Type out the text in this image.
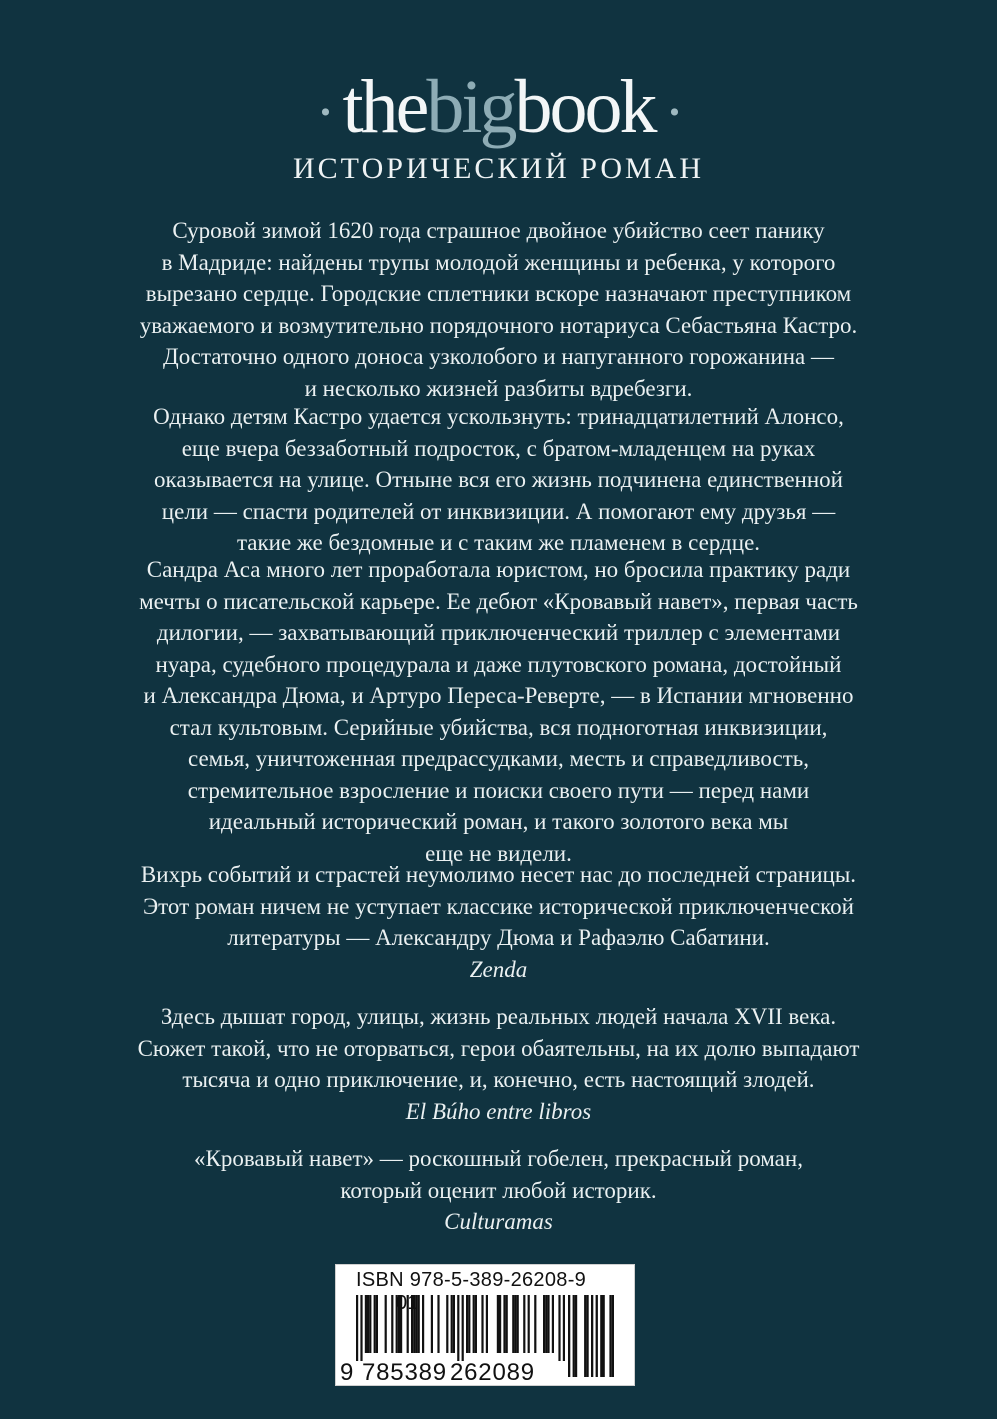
· the big book ·
ИСТОРИЧЕСКИЙ РОМАН

Суровой зимой 1620 года страшное двойное убийство сеет панику

в Мадриде: найдены трупы молодой женщины и ребенка, у которого

вырезано сердце. Городские сплетники вскоре назначают преступником

уважаемого и возмутительно порядочного нотариуса Себастьяна Кастро.

Достаточно одного доноса узколобого и напуганного горожанина —

и несколько жизней разбиты вдребезги.

Однако детям Кастро удается ускользнуть: тринадцатилетний Алонсо,

еще вчера беззаботный подросток, с братом-младенцем на руках

оказывается на улице. Отныне вся его жизнь подчинена единственной

цели — спасти родителей от инквизиции. А помогают ему друзья —

такие же бездомные и с таким же пламенем в сердце.

Сандра Аса много лет проработала юристом, но бросила практику ради

мечты о писательской карьере. Ее дебют «Кровавый навет», первая часть

дилогии, — захватывающий приключенческий триллер с элементами

нуара, судебного процедурала и даже плутовского романа, достойный

и Александра Дюма, и Артуро Переса-Реверте, — в Испании мгновенно

стал культовым. Серийные убийства, вся подноготная инквизиции,

семья, уничтоженная предрассудками, месть и справедливость,

стремительное взросление и поиски своего пути — перед нами

идеальный исторический роман, и такого золотого века мы

еще не видели.

Вихрь событий и страстей неумолимо несет нас до последней страницы.

Этот роман ничем не уступает классике исторической приключенческой

литературы — Александру Дюма и Рафаэлю Сабатини.

Zenda

Здесь дышат город, улицы, жизнь реальных людей начала XVII века.

Сюжет такой, что не оторваться, герои обаятельны, на их долю выпадают

тысяча и одно приключение, и, конечно, есть настоящий злодей.

El Búho entre libros

«Кровавый навет» — роскошный гобелен, прекрасный роман,

который оценит любой историк.

Culturamas

ISBN 978-5-389-26208-9 01
9 785389 262089
